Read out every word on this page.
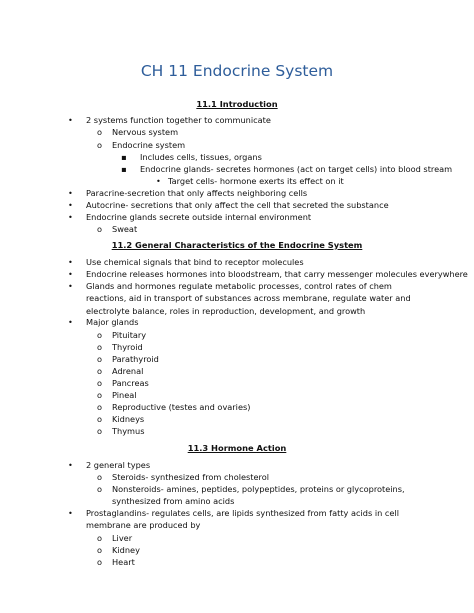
CH 11 Endocrine System
11.1 Introduction
• 2 systems function together to communicate
o Nervous system
o Endocrine system
▪ Includes cells, tissues, organs
▪ Endocrine glands- secretes hormones (act on target cells) into blood stream
• Target cells- hormone exerts its effect on it
• Paracrine-secretion that only affects neighboring cells
• Autocrine- secretions that only affect the cell that secreted the substance
• Endocrine glands secrete outside internal environment
o Sweat
11.2 General Characteristics of the Endocrine System
• Use chemical signals that bind to receptor molecules
• Endocrine releases hormones into bloodstream, that carry messenger molecules everywhere
• Glands and hormones regulate metabolic processes, control rates of chem reactions, aid in transport of substances across membrane, regulate water and electrolyte balance, roles in reproduction, development, and growth
• Major glands
o Pituitary
o Thyroid
o Parathyroid
o Adrenal
o Pancreas
o Pineal
o Reproductive (testes and ovaries)
o Kidneys
o Thymus
11.3 Hormone Action
• 2 general types
o Steroids- synthesized from cholesterol
o Nonsteroids- amines, peptides, polypeptides, proteins or glycoproteins, synthesized from amino acids
• Prostaglandins- regulates cells, are lipids synthesized from fatty acids in cell membrane are produced by
o Liver
o Kidney
o Heart
